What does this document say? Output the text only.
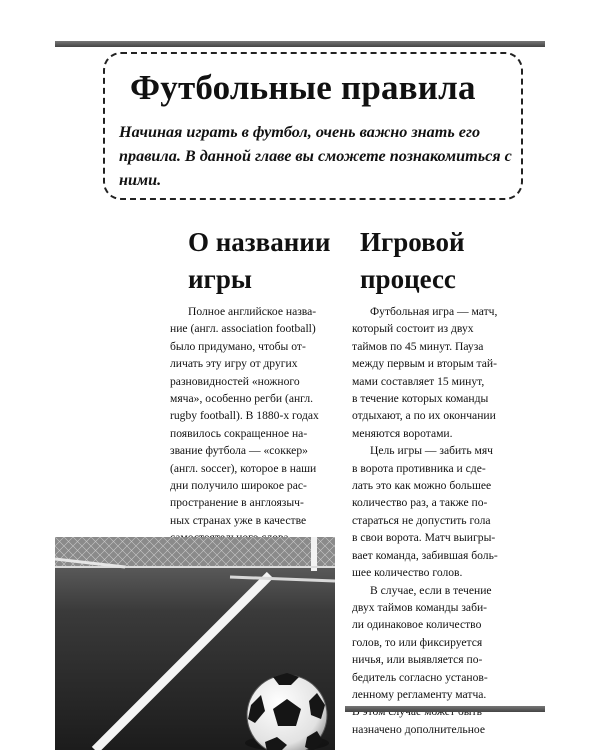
Футбольные правила

Начиная играть в футбол, очень важно знать его правила. В данной главе вы сможете познакомиться с ними.

О названии игры
Игровой процесс

Полное английское назва-
ние (англ. association football)
было придумано, чтобы от-
личать эту игру от других
разновидностей «ножного
мяча», особенно регби (англ.
rugby football). В 1880-х годах
появилось сокращенное на-
звание футбола — «соккер»
(англ. soccer), которое в наши
дни получило широкое рас-
пространение в англоязыч-
ных странах уже в качестве

Футбольная игра — матч,
который состоит из двух
таймов по 45 минут. Пауза
между первым и вторым тай-
мами составляет 15 минут,
в течение которых команды
отдыхают, а по их окончании
меняются воротами.

Цель игры — забить мяч
в ворота противника и сде-
лать это как можно большее
количество раз, а также по-
стараться не допустить гола
в свои ворота. Матч выигры-
вает команда, забившая боль-
шее количество голов.

В случае, если в течение
двух таймов команды заби-
ли одинаковое количество
голов, то или фиксируется
ничья, или выявляется по-
бедитель согласно установ-
ленному регламенту матча.

назначено дополнительное
